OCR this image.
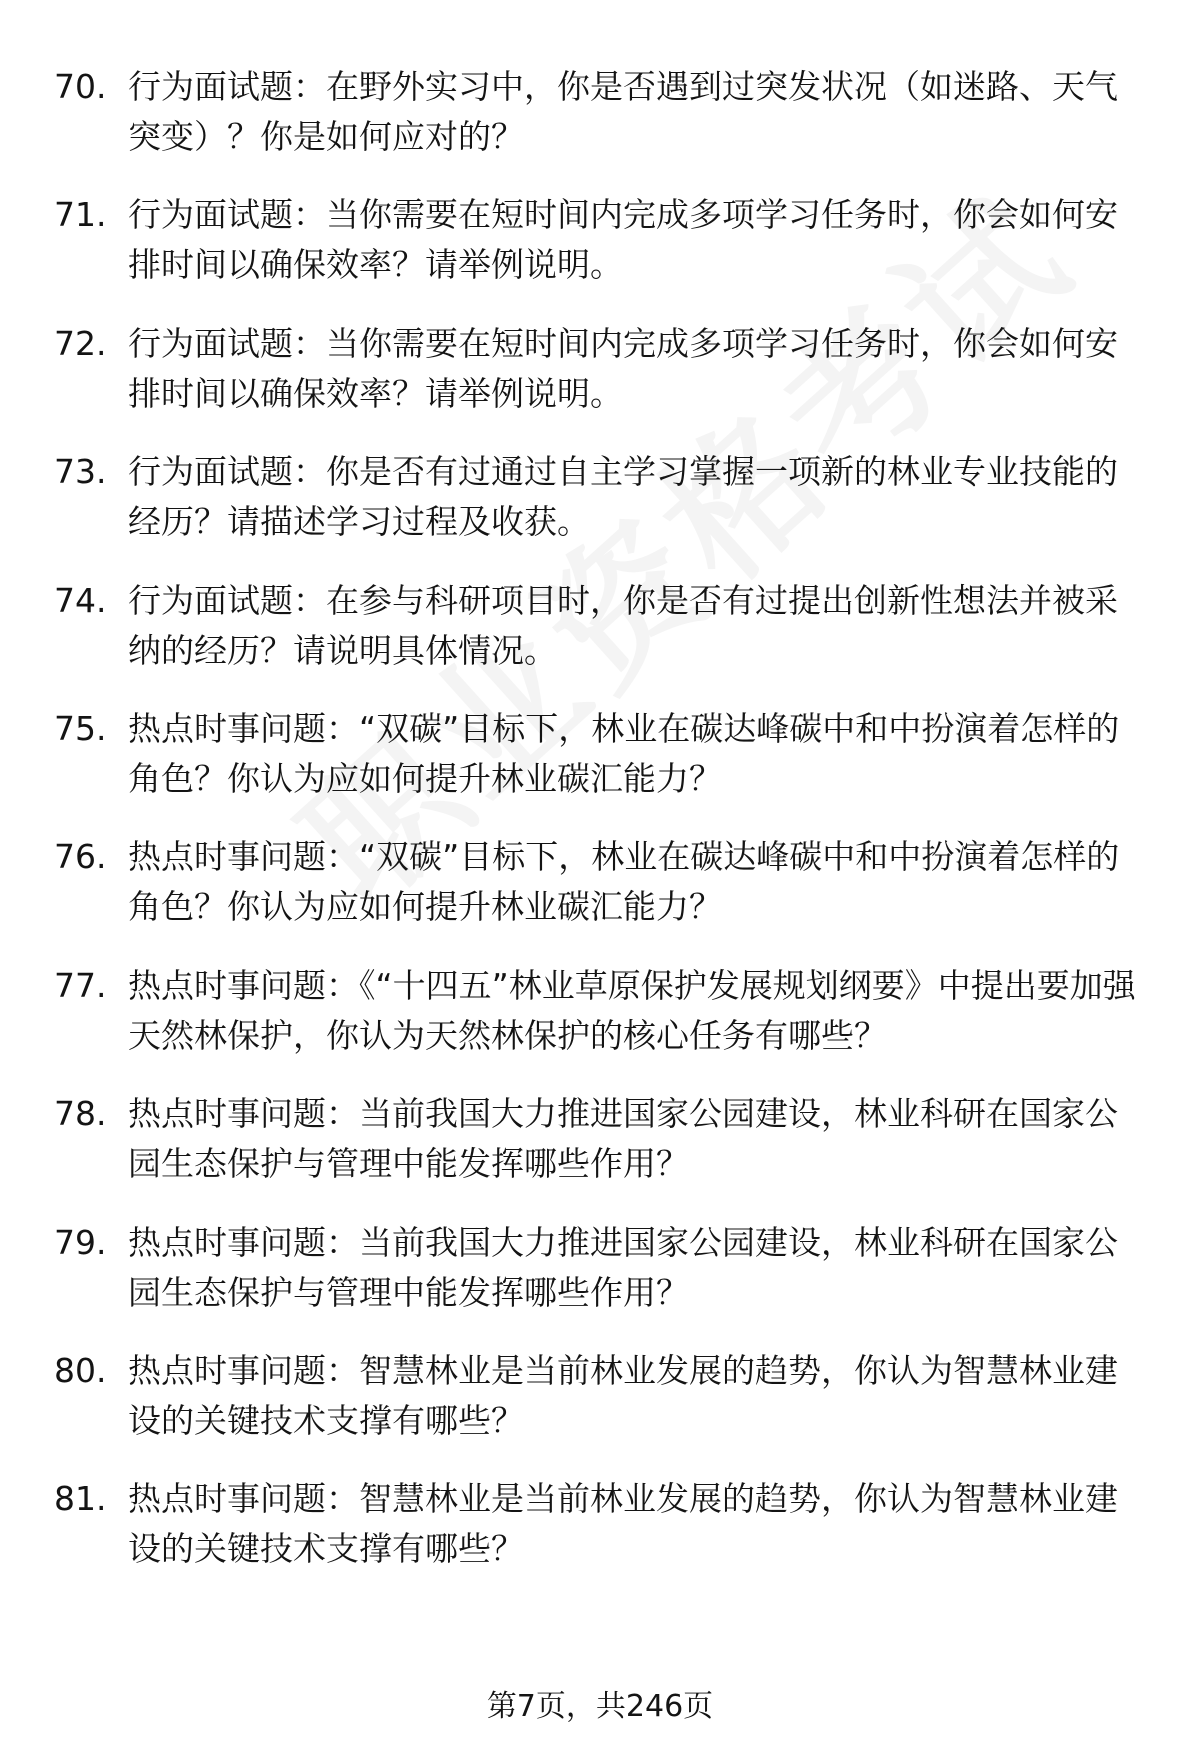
70. 行为面试题：在野外实习中，你是否遇到过突发状况（如迷路、天气突变）？你是如何应对的？
71. 行为面试题：当你需要在短时间内完成多项学习任务时，你会如何安排时间以确保效率？请举例说明。
72. 行为面试题：当你需要在短时间内完成多项学习任务时，你会如何安排时间以确保效率？请举例说明。
73. 行为面试题：你是否有过通过自主学习掌握一项新的林业专业技能的经历？请描述学习过程及收获。
74. 行为面试题：在参与科研项目时，你是否有过提出创新性想法并被采纳的经历？请说明具体情况。
75. 热点时事问题：“双碳”目标下，林业在碳达峰碳中和中扮演着怎样的角色？你认为应如何提升林业碳汇能力？
76. 热点时事问题：“双碳”目标下，林业在碳达峰碳中和中扮演着怎样的角色？你认为应如何提升林业碳汇能力？
77. 热点时事问题：《“十四五”林业草原保护发展规划纲要》中提出要加强天然林保护，你认为天然林保护的核心任务有哪些？
78. 热点时事问题：当前我国大力推进国家公园建设，林业科研在国家公园生态保护与管理中能发挥哪些作用？
79. 热点时事问题：当前我国大力推进国家公园建设，林业科研在国家公园生态保护与管理中能发挥哪些作用？
80. 热点时事问题：智慧林业是当前林业发展的趋势，你认为智慧林业建设的关键技术支撑有哪些？
81. 热点时事问题：智慧林业是当前林业发展的趋势，你认为智慧林业建设的关键技术支撑有哪些？
第7页，共246页
